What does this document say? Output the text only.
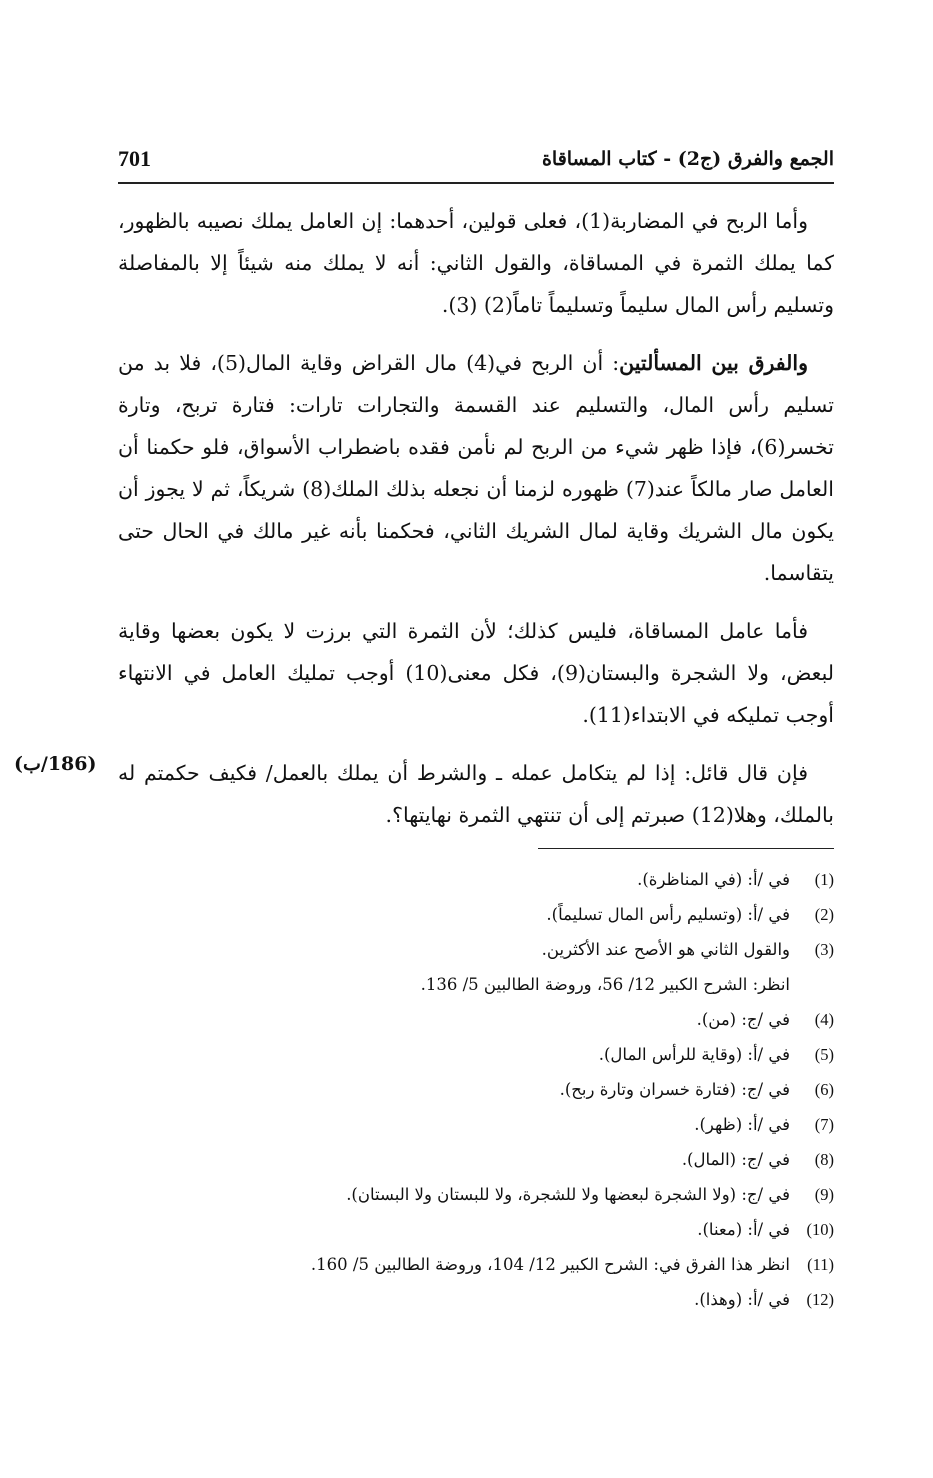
701	الجمع والفرق (ج2) - كتاب المساقاة

وأما الربح في المضاربة(1)، فعلى قولين، أحدهما: إن العامل يملك نصيبه بالظهور، كما يملك الثمرة في المساقاة، والقول الثاني: أنه لا يملك منه شيئاً إلا بالمفاصلة وتسليم رأس المال سليماً وتسليماً تاماً(2) (3).

والفرق بين المسألتين: أن الربح في(4) مال القراض وقاية المال(5)، فلا بد من تسليم رأس المال، والتسليم عند القسمة والتجارات تارات: فتارة تربح، وتارة تخسر(6)، فإذا ظهر شيء من الربح لم نأمن فقده باضطراب الأسواق، فلو حكمنا أن العامل صار مالكاً عند(7) ظهوره لزمنا أن نجعله بذلك الملك(8) شريكاً، ثم لا يجوز أن يكون مال الشريك وقاية لمال الشريك الثاني، فحكمنا بأنه غير مالك في الحال حتى يتقاسما.

فأما عامل المساقاة، فليس كذلك؛ لأن الثمرة التي برزت لا يكون بعضها وقاية لبعض، ولا الشجرة والبستان(9)، فكل معنى(10) أوجب تمليك العامل في الانتهاء أوجب تمليكه في الابتداء(11).

فإن قال قائل: إذا لم يتكامل عمله ـ والشرط أن يملك بالعمل/ فكيف حكمتم له بالملك، وهلا(12) صبرتم إلى أن تنتهي الثمرة نهايتها؟.

(186/ب)
(1)
في /أ: (في المناظرة).
(2)
في /أ: (وتسليم رأس المال تسليماً).
(3)
والقول الثاني هو الأصح عند الأكثرين.
انظر: الشرح الكبير 12/ 56، وروضة الطالبين 5/ 136.
(4)
في /ج: (من).
(5)
في /أ: (وقاية للرأس المال).
(6)
في /ج: (فتارة خسران وتارة ربح).
(7)
في /أ: (ظهر).
(8)
في /ج: (المال).
(9)
في /ج: (ولا الشجرة لبعضها ولا للشجرة، ولا للبستان ولا البستان).
(10)
في /أ: (معنا).
(11)
انظر هذا الفرق في: الشرح الكبير 12/ 104، وروضة الطالبين 5/ 160.
(12)
في /أ: (وهذا).
